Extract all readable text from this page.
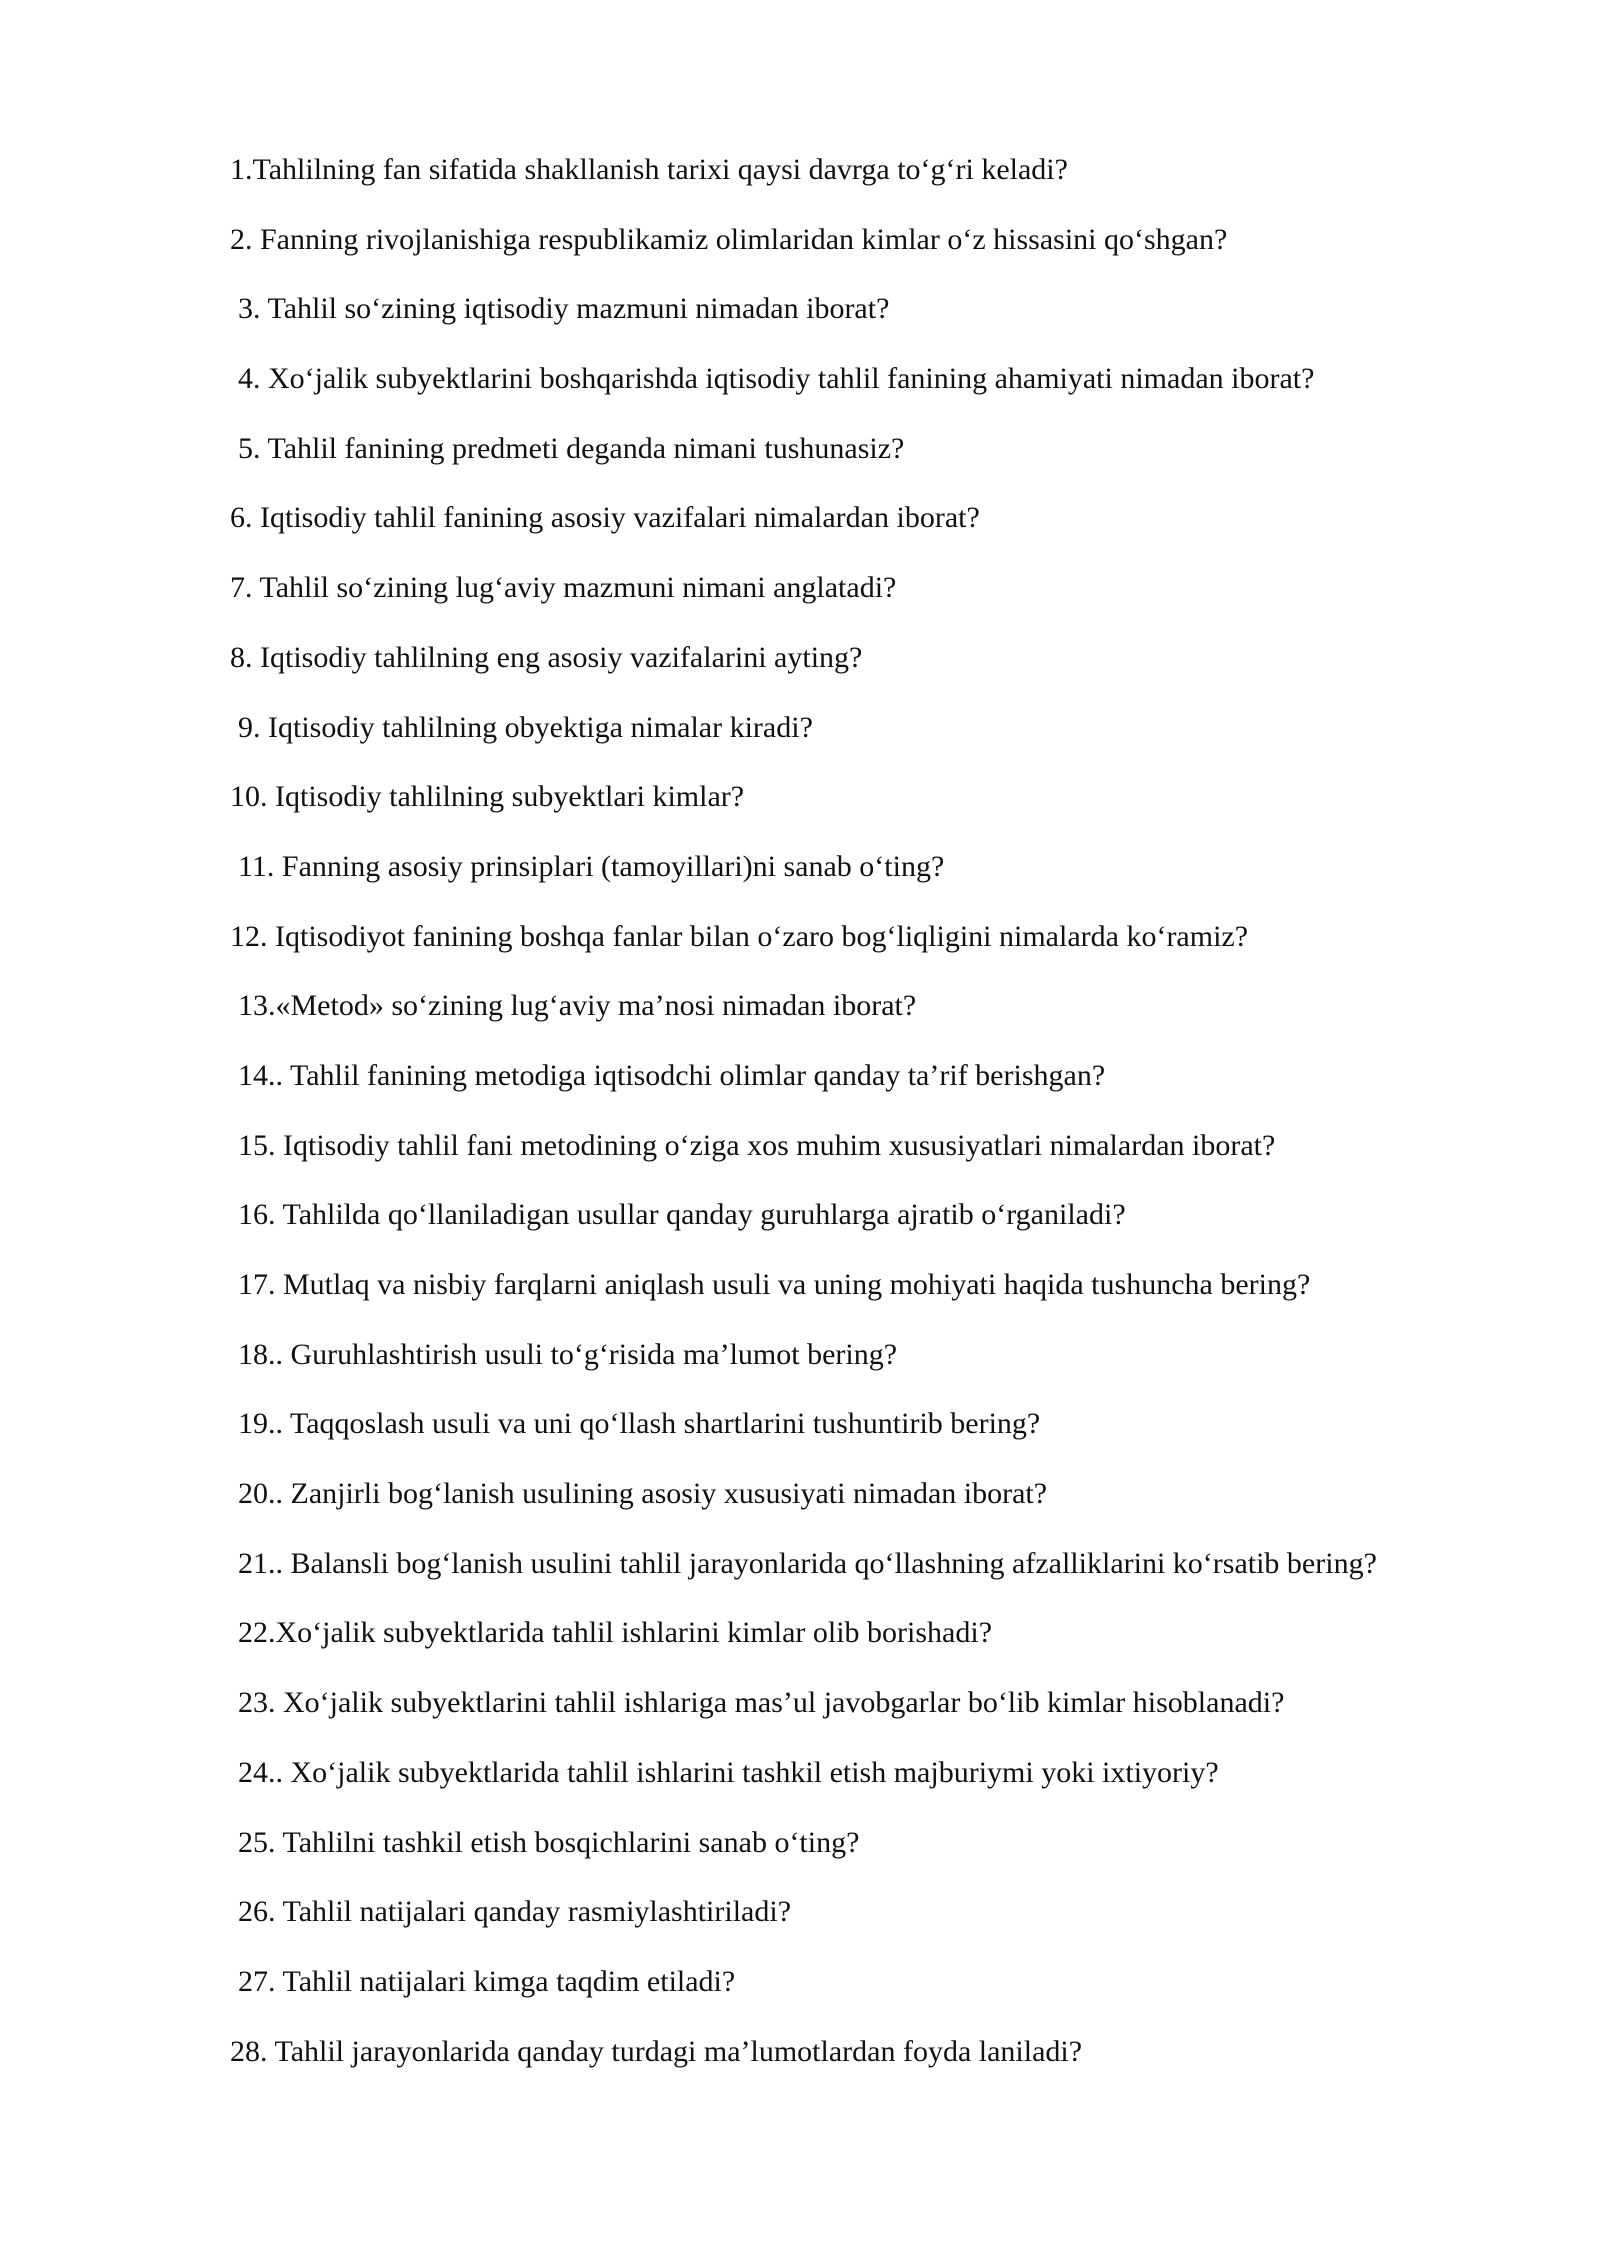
1.Tahlilning fan sifatida shakllanish tarixi qaysi davrga to‘g‘ri keladi?
2. Fanning rivojlanishiga respublikamiz olimlaridan kimlar o‘z hissasini qo‘shgan?
3. Tahlil so‘zining iqtisodiy mazmuni nimadan iborat?
4. Xo‘jalik subyektlarini boshqarishda iqtisodiy tahlil fanining ahamiyati nimadan iborat?
5. Tahlil fanining predmeti deganda nimani tushunasiz?
6. Iqtisodiy tahlil fanining asosiy vazifalari nimalardan iborat?
7. Tahlil so‘zining lug‘aviy mazmuni nimani anglatadi?
8. Iqtisodiy tahlilning eng asosiy vazifalarini ayting?
9. Iqtisodiy tahlilning obyektiga nimalar kiradi?
10. Iqtisodiy tahlilning subyektlari kimlar?
11. Fanning asosiy prinsiplari (tamoyillari)ni sanab o‘ting?
12. Iqtisodiyot fanining boshqa fanlar bilan o‘zaro bog‘liqligini nimalarda ko‘ramiz?
13.«Metod» so‘zining lug‘aviy ma’nosi nimadan iborat?
14.. Tahlil fanining metodiga iqtisodchi olimlar qanday ta’rif berishgan?
15. Iqtisodiy tahlil fani metodining o‘ziga xos muhim xususiyatlari nimalardan iborat?
16. Tahlilda qo‘llaniladigan usullar qanday guruhlarga ajratib o‘rganiladi?
17. Mutlaq va nisbiy farqlarni aniqlash usuli va uning mohiyati haqida tushuncha bering?
18.. Guruhlashtirish usuli to‘g‘risida ma’lumot bering?
19.. Taqqoslash usuli va uni qo‘llash shartlarini tushuntirib bering?
20.. Zanjirli bog‘lanish usulining asosiy xususiyati nimadan iborat?
21.. Balansli bog‘lanish usulini tahlil jarayonlarida qo‘llashning afzalliklarini ko‘rsatib bering?
22.Xo‘jalik subyektlarida tahlil ishlarini kimlar olib borishadi?
23. Xo‘jalik subyektlarini tahlil ishlariga mas’ul javobgarlar bo‘lib kimlar hisoblanadi?
24.. Xo‘jalik subyektlarida tahlil ishlarini tashkil etish majburiymi yoki ixtiyoriy?
25. Tahlilni tashkil etish bosqichlarini sanab o‘ting?
26. Tahlil natijalari qanday rasmiylashtiriladi?
27. Tahlil natijalari kimga taqdim etiladi?
28. Tahlil jarayonlarida qanday turdagi ma’lumotlardan foyda laniladi?
